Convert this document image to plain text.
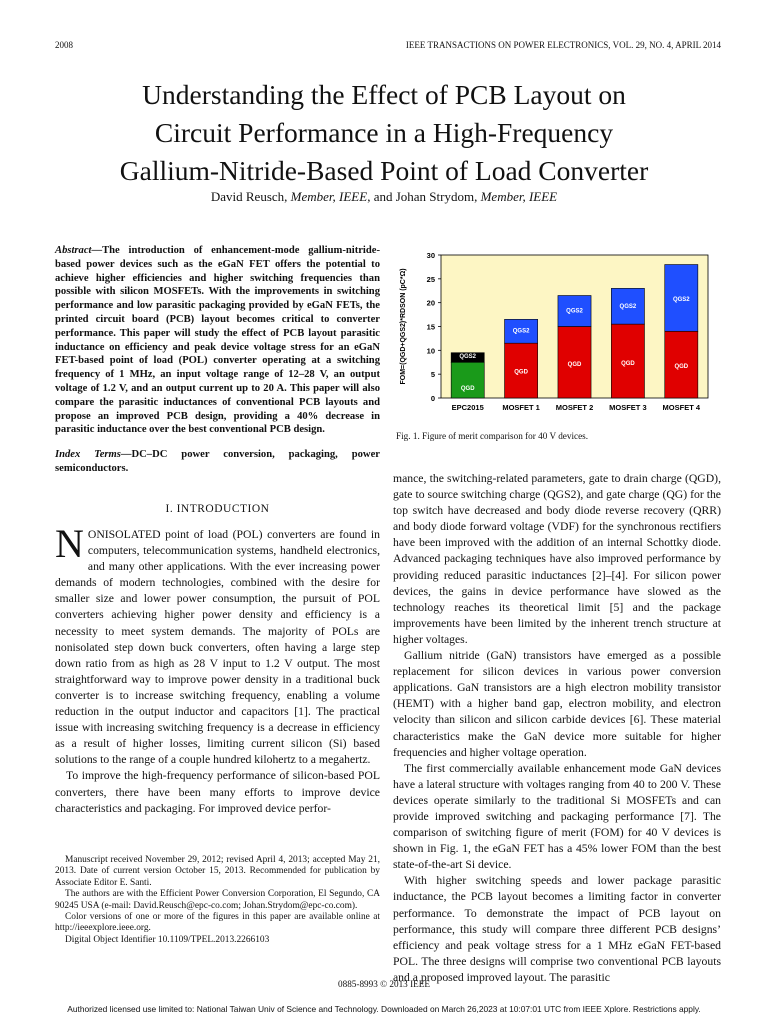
2008	IEEE TRANSACTIONS ON POWER ELECTRONICS, VOL. 29, NO. 4, APRIL 2014
Understanding the Effect of PCB Layout on
Circuit Performance in a High-Frequency
Gallium-Nitride-Based Point of Load Converter
David Reusch, Member, IEEE, and Johan Strydom, Member, IEEE
Abstract—The introduction of enhancement-mode gallium-nitride-based power devices such as the eGaN FET offers the potential to achieve higher efficiencies and higher switching frequencies than possible with silicon MOSFETs. With the improvements in switching performance and low parasitic packaging provided by eGaN FETs, the printed circuit board (PCB) layout becomes critical to converter performance. This paper will study the effect of PCB layout parasitic inductance on efficiency and peak device voltage stress for an eGaN FET-based point of load (POL) converter operating at a switching frequency of 1 MHz, an input voltage range of 12–28 V, an output voltage of 1.2 V, and an output current up to 20 A. This paper will also compare the parasitic inductances of conventional PCB layouts and propose an improved PCB design, providing a 40% decrease in parasitic inductance over the best conventional PCB design.
Index Terms—DC–DC power conversion, packaging, power semiconductors.
I. INTRODUCTION

NONISOLATED point of load (POL) converters are found in computers, telecommunication systems, handheld electronics, and many other applications. With the ever increasing power demands of modern technologies, combined with the desire for smaller size and lower power consumption, the pursuit of POL converters achieving higher power density and efficiency is a necessity to meet system demands. The majority of POLs are nonisolated step down buck converters, often having a large step down ratio from as high as 28 V input to 1.2 V output. The most straightforward way to improve power density in a traditional buck converter is to increase switching frequency, enabling a volume reduction in the output inductor and capacitors [1]. The practical issue with increasing switching frequency is a decrease in efficiency as a result of higher losses, limiting current silicon (Si) based solutions to the range of a couple hundred kilohertz to a megahertz.

To improve the high-frequency performance of silicon-based POL converters, there have been many efforts to improve device characteristics and packaging. For improved device perfor-

Manuscript received November 29, 2012; revised April 4, 2013; accepted May 21, 2013. Date of current version October 15, 2013. Recommended for publication by Associate Editor E. Santi.

The authors are with the Efficient Power Conversion Corporation, El Segundo, CA 90245 USA (e-mail: David.Reusch@epc-co.com; Johan.Strydom@epc-co.com).

Color versions of one or more of the figures in this paper are available online at http://ieeexplore.ieee.org.

Digital Object Identifier 10.1109/TPEL.2013.2266103

0
5
10
15
20
25
30
FOM=(QGD+QGS2)*RDSON (pC*Ω)
QGD
QGS2
EPC2015
QGD
QGS2
MOSFET 1
QGD
QGS2
MOSFET 2
QGD
QGS2
MOSFET 3
QGD
QGS2
MOSFET 4
Fig. 1. Figure of merit comparison for 40 V devices.

mance, the switching-related parameters, gate to drain charge (QGD), gate to source switching charge (QGS2), and gate charge (QG) for the top switch have decreased and body diode reverse recovery (QRR) and body diode forward voltage (VDF) for the synchronous rectifiers have been improved with the addition of an internal Schottky diode. Advanced packaging techniques have also improved performance by providing reduced parasitic inductances [2]–[4]. For silicon power devices, the gains in device performance have slowed as the technology reaches its theoretical limit [5] and the package improvements have been limited by the inherent trench structure at higher voltages.

Gallium nitride (GaN) transistors have emerged as a possible replacement for silicon devices in various power conversion applications. GaN transistors are a high electron mobility transistor (HEMT) with a higher band gap, electron mobility, and electron velocity than silicon and silicon carbide devices [6]. These material characteristics make the GaN device more suitable for higher frequencies and higher voltage operation.

The first commercially available enhancement mode GaN devices have a lateral structure with voltages ranging from 40 to 200 V. These devices operate similarly to the traditional Si MOSFETs and can provide improved switching and packaging performance [7]. The comparison of switching figure of merit (FOM) for 40 V devices is shown in Fig. 1, the eGaN FET has a 45% lower FOM than the best state-of-the-art Si device.

With higher switching speeds and lower package parasitic inductance, the PCB layout becomes a limiting factor in converter performance. To demonstrate the impact of PCB layout on performance, this study will compare three different PCB designs’ efficiency and peak voltage stress for a 1 MHz eGaN FET-based POL. The three designs will comprise two conventional PCB layouts and a proposed improved layout. The parasitic

0885-8993 © 2013 IEEE
Authorized licensed use limited to: National Taiwan Univ of Science and Technology. Downloaded on March 26,2023 at 10:07:01 UTC from IEEE Xplore. Restrictions apply.
